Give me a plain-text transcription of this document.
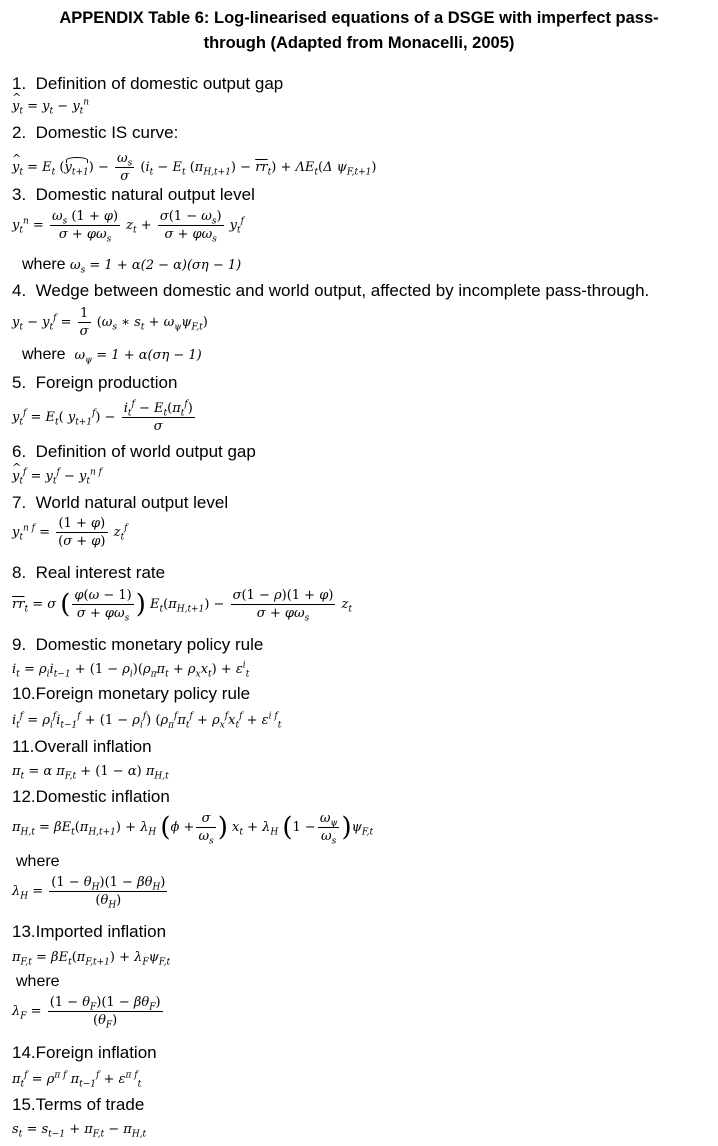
APPENDIX Table 6: Log-linearised equations of a DSGE with imperfect pass-
through (Adapted from Monacelli, 2005)
1. Definition of domestic output gap
^ $y_t = y_t - y_t^n$
2. Domestic IS curve:
^ $y_t = E_t$ $(y_{t+1}) - \frac{\omega_s}{\sigma} (i_t - E_t$ $(\pi_{H,t+1}) - \overline{rr}_t) + \Lambda E_t(\Delta$ $\psi_{F,t+1}$)
3. Domestic natural output level
$y_t^n = \frac{\omega_s (1 + \varphi)}{\sigma + \varphi\omega_s} z_t + \frac{\sigma(1 - \omega_s)}{\sigma + \varphi\omega_s} y_t^f$
where $\omega_s = 1 + \alpha(2 - \alpha)(\sigma\eta - 1)$
4. Wedge between domestic and world output, affected by incomplete pass-through.
$y_t - y_t^f = \frac{1}{\sigma} (\omega_s$ ∗ $s_t + \omega_\psi\psi_{F,t}$)
where $\omega_\psi = 1 + \alpha(\sigma\eta - 1)$
5. Foreign production
$y_t^f = E_t$( $y_{t+1}^f) - \frac{i_t^f - E_t(\pi_t^f)}{\sigma}$
6. Definition of world output gap
^ $y_t^f = y_t^f - y_t^{n f}$
7. World natural output level
$y_t^{n f} = \frac{(1 + \varphi)}{(\sigma + \varphi)} z_t^f$
8. Real interest rate
$\overline{rr}_t = \sigma$ ( $\frac{\varphi(\omega - 1)}{\sigma + \varphi\omega_s}$ ) $E_t(\pi_{H,t+1}) - \frac{\sigma(1 - \rho)(1 + \varphi)}{\sigma + \varphi\omega_s} z_t$
9. Domestic monetary policy rule
$i_t = \rho_ii_{t-1} + (1 - \rho_i)(\rho_\pi\pi_t + \rho_xx_t) + \varepsilon^i_t$
10.Foreign monetary policy rule
$i_t^f = \rho_i^fi_{t-1}^f + (1 - \rho_i^f) (\rho_\pi^f\pi_t^f + \rho_x^fx_t^f + \varepsilon^{i f}_t$
11.Overall inflation
$\pi_t = \alpha$ $\pi_{F,t} + (1 - \alpha)$ $\pi_{H,t}$
12.Domestic inflation
$\pi_{H,t} = \beta E_t(\pi_{H,t+1}) + \lambda_H$ ($\phi + \frac{\sigma}{\omega_s}$ ) $x_t + \lambda_H$ $(1 - \frac{\omega_\psi}{\omega_s} )\psi_{F,t}$
where
$\lambda_H = \frac{(1 - \theta_H)(1 - \beta\theta_H)}{(\theta_H)}$
13.Imported inflation
$\pi_{F,t} = \beta E_t(\pi_{F,t+1}) + \lambda_F\psi_{F,t}$
where
$\lambda_F = \frac{(1 - \theta_F)(1 - \beta\theta_F)}{(\theta_F)}$
14.Foreign inflation
$\pi_t^f = \rho^{\pi f}$ $\pi_{t-1}^f + \varepsilon^{\pi f}_t$
15.Terms of trade
$s_t = s_{t-1} + \pi_{F,t} - \pi_{H,t}$
